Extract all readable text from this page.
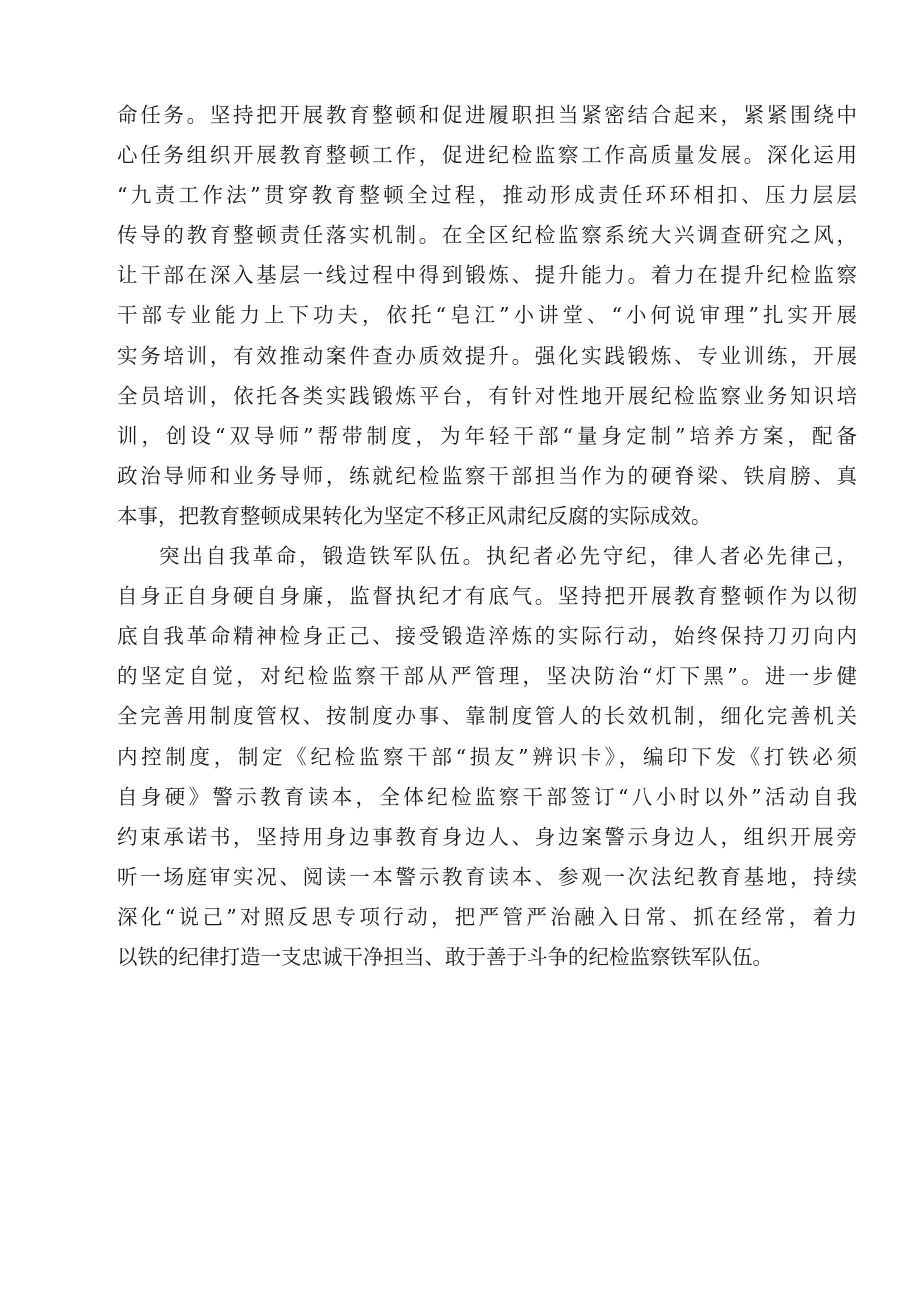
命任务。坚持把开展教育整顿和促进履职担当紧密结合起来，紧紧围绕中
心任务组织开展教育整顿工作，促进纪检监察工作高质量发展。深化运用
“九责工作法”贯穿教育整顿全过程，推动形成责任环环相扣、压力层层
传导的教育整顿责任落实机制。在全区纪检监察系统大兴调查研究之风，
让干部在深入基层一线过程中得到锻炼、提升能力。着力在提升纪检监察
干部专业能力上下功夫，依托“皂江”小讲堂、“小何说审理”扎实开展
实务培训，有效推动案件查办质效提升。强化实践锻炼、专业训练，开展
全员培训，依托各类实践锻炼平台，有针对性地开展纪检监察业务知识培
训，创设“双导师”帮带制度，为年轻干部“量身定制”培养方案，配备
政治导师和业务导师，练就纪检监察干部担当作为的硬脊梁、铁肩膀、真
本事，把教育整顿成果转化为坚定不移正风肃纪反腐的实际成效。
突出自我革命，锻造铁军队伍。执纪者必先守纪，律人者必先律己，
自身正自身硬自身廉，监督执纪才有底气。坚持把开展教育整顿作为以彻
底自我革命精神检身正己、接受锻造淬炼的实际行动，始终保持刀刃向内
的坚定自觉，对纪检监察干部从严管理，坚决防治“灯下黑”。进一步健
全完善用制度管权、按制度办事、靠制度管人的长效机制，细化完善机关
内控制度，制定《纪检监察干部“损友”辨识卡》，编印下发《打铁必须
自身硬》警示教育读本，全体纪检监察干部签订“八小时以外”活动自我
约束承诺书，坚持用身边事教育身边人、身边案警示身边人，组织开展旁
听一场庭审实况、阅读一本警示教育读本、参观一次法纪教育基地，持续
深化“说己”对照反思专项行动，把严管严治融入日常、抓在经常，着力
以铁的纪律打造一支忠诚干净担当、敢于善于斗争的纪检监察铁军队伍。
